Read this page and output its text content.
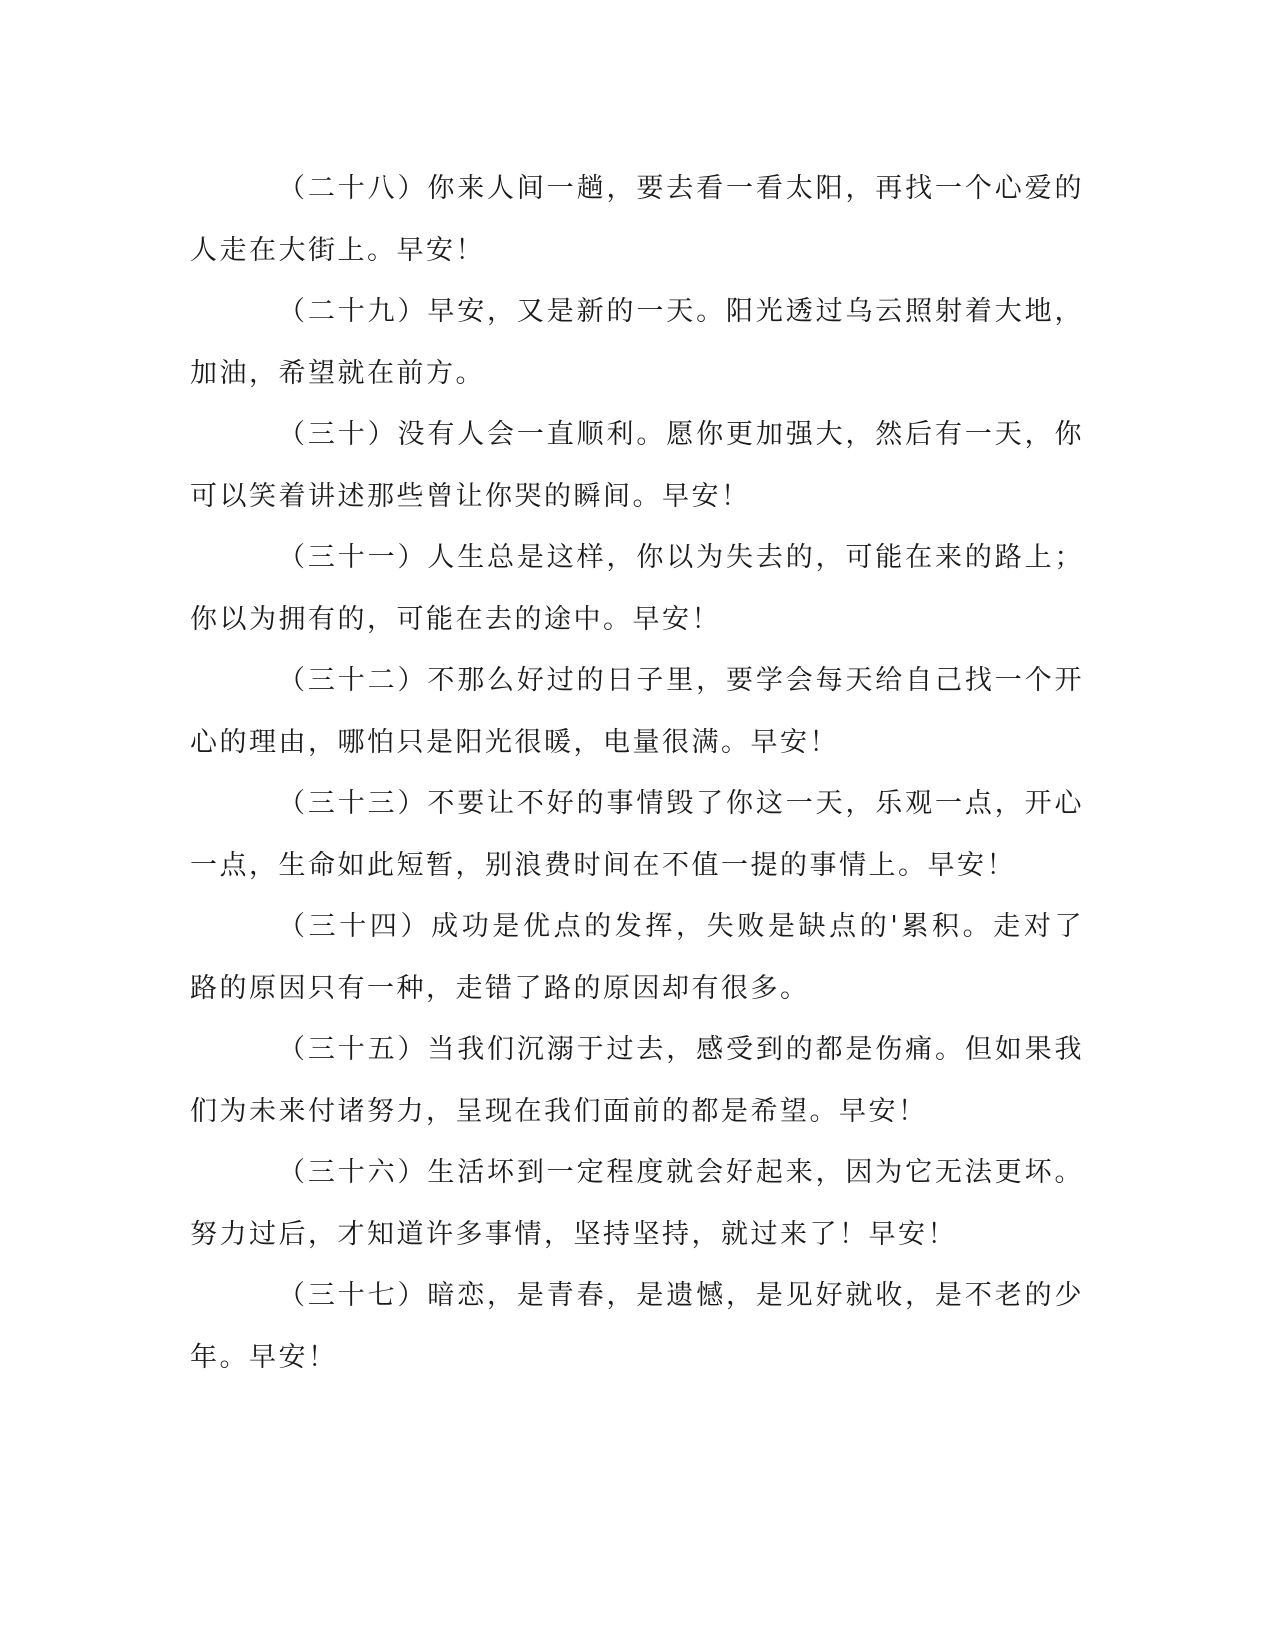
（二十八）你来人间一趟，要去看一看太阳，再找一个心爱的人走在大街上。早安！

（二十九）早安，又是新的一天。阳光透过乌云照射着大地，加油，希望就在前方。

（三十）没有人会一直顺利。愿你更加强大，然后有一天，你可以笑着讲述那些曾让你哭的瞬间。早安！

（三十一）人生总是这样，你以为失去的，可能在来的路上；你以为拥有的，可能在去的途中。早安！

（三十二）不那么好过的日子里，要学会每天给自己找一个开心的理由，哪怕只是阳光很暖，电量很满。早安！

（三十三）不要让不好的事情毁了你这一天，乐观一点，开心一点，生命如此短暂，别浪费时间在不值一提的事情上。早安！

（三十四）成功是优点的发挥，失败是缺点的'累积。走对了路的原因只有一种，走错了路的原因却有很多。

（三十五）当我们沉溺于过去，感受到的都是伤痛。但如果我们为未来付诸努力，呈现在我们面前的都是希望。早安！

（三十六）生活坏到一定程度就会好起来，因为它无法更坏。努力过后，才知道许多事情，坚持坚持，就过来了！早安！

（三十七）暗恋，是青春，是遗憾，是见好就收，是不老的少年。早安！
